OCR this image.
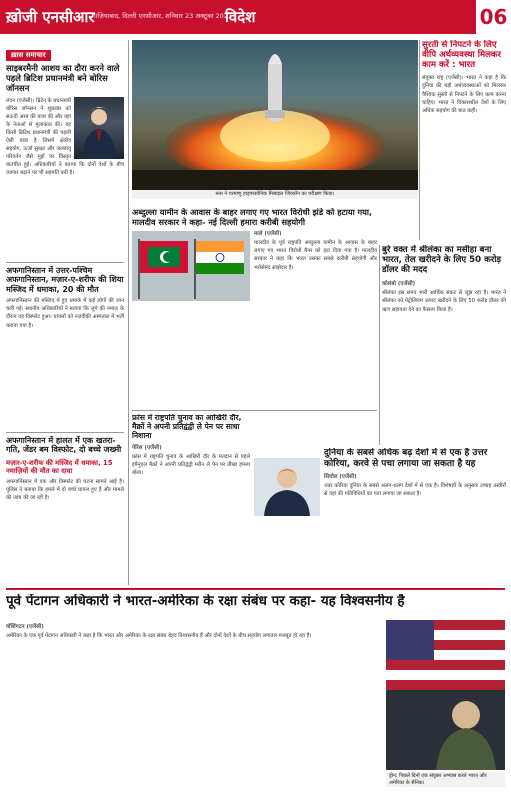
ख़ोजी एनसीआर
गाज़ियाबाद, दिल्ली एनसीआर, शनिवार 23 अक्टूबर 2021
विदेश	06
ख़ास समाचार
साइबरमैनी आशय का दौरा करने वाले पहले ब्रिटिश प्रधानमंत्री बने बोरिस जॉनसन
लंदन (एजेंसी)। ब्रिटेन के प्रधानमंत्री बोरिस जॉनसन ने शुक्रवार को सऊदी अरब की यात्रा की और वहां के नेताओं से मुलाकात की। यह किसी ब्रिटिश प्रधानमंत्री की पहली ऐसी यात्रा है जिसमें क्षेत्रीय सहयोग, ऊर्जा सुरक्षा और जलवायु परिवर्तन जैसे मुद्दों पर विस्तृत बातचीत हुई। अधिकारियों ने बताया कि दोनों देशों के बीच व्यापार बढ़ाने पर भी सहमति बनी है।
अफगानिस्तान में उत्तर-पश्चिम अफगानिस्तान, मज़ार-ए-शरीफ की शिया मस्जिद में धमाका, 20 की मौत
अफगानिस्तान की मस्जिद में हुए धमाके में कई लोगों की जान चली गई। स्थानीय अधिकारियों ने बताया कि जुमे की नमाज़ के दौरान यह विस्फोट हुआ। घायलों को नज़दीकी अस्पताल में भर्ती कराया गया है।
अफगानिस्तान में हालत में एक खतरा-गति, जेंडर बम विस्फोट, दो बच्चे जख्मी
मज़ार-ए-शरीफ की मस्जिद में धमाका, 15 नमाज़ियों की मौत का दावा
अफगानिस्तान में एक और विस्फोट की घटना सामने आई है। पुलिस ने बताया कि हमले में दो बच्चे घायल हुए हैं और मामले की जांच की जा रही है।
रूस ने परमाणु हाइपरसोनिक मिसाइल जिरकॉन का परीक्षण किया।
सुरती से निपटने के लिए वीपि अर्थव्यवस्था मिलकर काम करें : भारत
संयुक्त राष्ट्र (एजेंसी)। भारत ने कहा है कि दुनिया की बड़ी अर्थव्यवस्थाओं को मिलकर वैश्विक सुस्ती से निपटने के लिए काम करना चाहिए। भारत ने विकासशील देशों के लिए अधिक सहयोग की बात कही।
अब्दुल्ला यामीन के आवास के बाहर लगाए गए भारत विरोधी झंडे को हटाया गया, मालदीव सरकार ने कहा- नई दिल्ली हमारा करीबी सहयोगी
माले (एजेंसी)
मालदीव के पूर्व राष्ट्रपति अब्दुल्ला यामीन के आवास के बाहर लगाए गए भारत विरोधी बैनर को हटा दिया गया है। मालदीव सरकार ने कहा कि भारत उसका सबसे करीबी सहयोगी और भरोसेमंद साझेदार है।
बुरे वक्त में श्रीलंका का मसीहा बना भारत, तेल खरीदने के लिए 50 करोड़ डॉलर की मदद
कोलंबो (एजेंसी)
श्रीलंका इस समय भारी आर्थिक संकट से जूझ रहा है। भारत ने श्रीलंका को पेट्रोलियम उत्पाद खरीदने के लिए 50 करोड़ डॉलर की ऋण सहायता देने का फैसला किया है।
फ्रांस में राष्ट्रपति चुनाव का आखिरी दौर, मैक्रों ने अपनी प्रतिद्वंद्वी ले पेन पर साधा निशाना
पेरिस (एजेंसी)
फ्रांस में राष्ट्रपति चुनाव के आखिरी दौर के मतदान से पहले इमैनुएल मैक्रों ने अपनी प्रतिद्वंद्वी मरीन ले पेन पर तीखा हमला बोला।
दुनिया के सबसे अधिक बढ़ देशों में से एक है उत्तर कोरिया, करवे से पचा लगाया जा सकता है यह
सियोल (एजेंसी)
उत्तर कोरिया दुनिया के सबसे अलग-थलग देशों में से एक है। विशेषज्ञों के अनुसार उपग्रह तस्वीरों से वहां की गतिविधियों का पता लगाया जा सकता है।
पूर्व पेंटागन अधिकारी ने भारत-अमेरिका के रक्षा संबंध पर कहा- यह विश्वसनीय है
वॉशिंगटन (एजेंसी)
अमेरिका के एक पूर्व पेंटागन अधिकारी ने कहा है कि भारत और अमेरिका के रक्षा संबंध बेहद विश्वसनीय हैं और दोनों देशों के बीच सहयोग लगातार मजबूत हो रहा है।
ड्रोन: पिछले दिनों एक संयुक्त अभ्यास करते भारत और अमेरिका के सैनिक।
